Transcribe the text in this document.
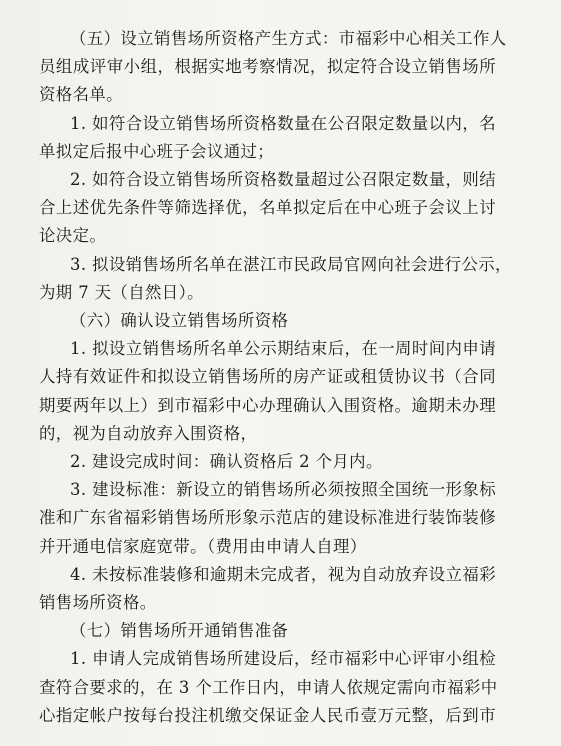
（五）设立销售场所资格产生方式：市福彩中心相关工作人
员组成评审小组，根据实地考察情况，拟定符合设立销售场所
资格名单。
1. 如符合设立销售场所资格数量在公召限定数量以内，名
单拟定后报中心班子会议通过；
2. 如符合设立销售场所资格数量超过公召限定数量，则结
合上述优先条件等筛选择优，名单拟定后在中心班子会议上讨
论决定。
3. 拟设销售场所名单在湛江市民政局官网向社会进行公示，
为期 7 天（自然日）。
（六）确认设立销售场所资格
1. 拟设立销售场所名单公示期结束后，在一周时间内申请
人持有效证件和拟设立销售场所的房产证或租赁协议书（合同
期要两年以上）到市福彩中心办理确认入围资格。逾期未办理
的，视为自动放弃入围资格，
2. 建设完成时间：确认资格后 2 个月内。
3. 建设标准：新设立的销售场所必须按照全国统一形象标
准和广东省福彩销售场所形象示范店的建设标准进行装饰装修
并开通电信家庭宽带。（费用由申请人自理）
4. 未按标准装修和逾期未完成者，视为自动放弃设立福彩
销售场所资格。
（七）销售场所开通销售准备
1. 申请人完成销售场所建设后，经市福彩中心评审小组检
查符合要求的，在 3 个工作日内，申请人依规定需向市福彩中
心指定帐户按每台投注机缴交保证金人民币壹万元整，后到市
